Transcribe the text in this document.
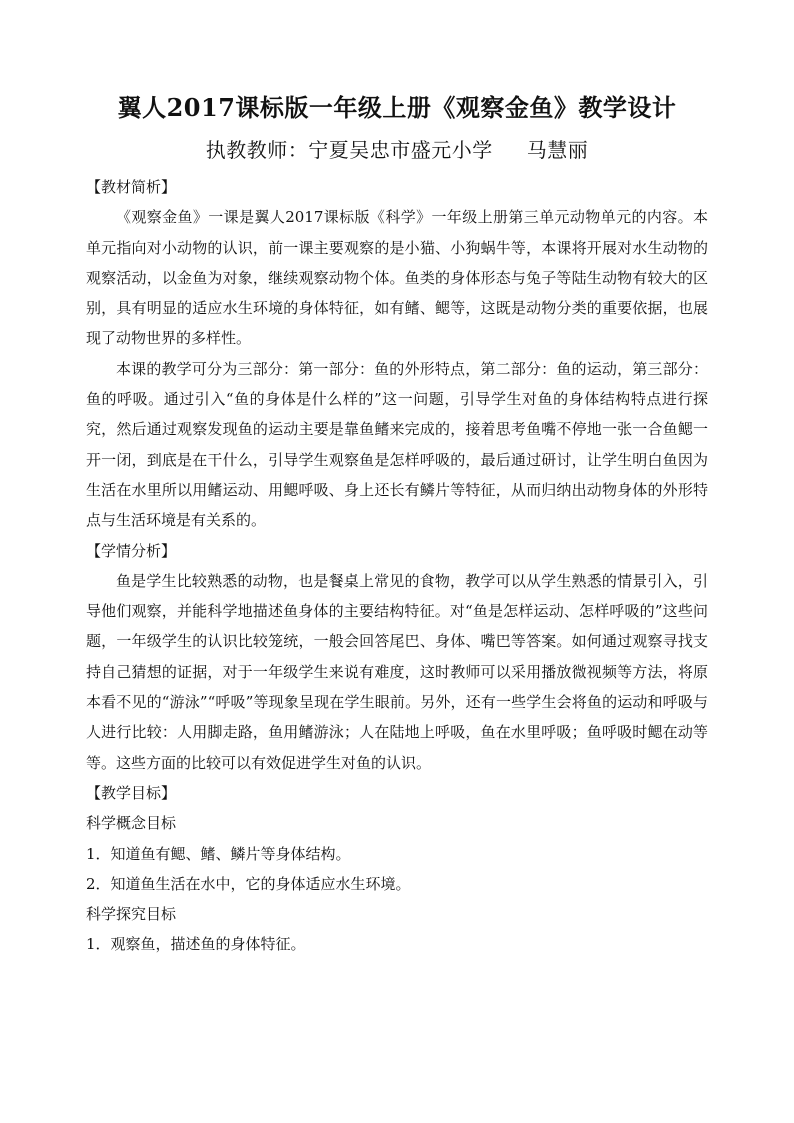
翼人2017课标版一年级上册《观察金鱼》教学设计
执教教师：宁夏吴忠市盛元小学 马慧丽

【教材简析】

《观察金鱼》一课是翼人2017课标版《科学》一年级上册第三单元动物单元的内容。本单元指向对小动物的认识，前一课主要观察的是小猫、小狗蜗牛等，本课将开展对水生动物的观察活动，以金鱼为对象，继续观察动物个体。鱼类的身体形态与兔子等陆生动物有较大的区别，具有明显的适应水生环境的身体特征，如有鳍、鳃等，这既是动物分类的重要依据，也展现了动物世界的多样性。

本课的教学可分为三部分：第一部分：鱼的外形特点，第二部分：鱼的运动，第三部分：鱼的呼吸。通过引入“鱼的身体是什么样的”这一问题，引导学生对鱼的身体结构特点进行探究，然后通过观察发现鱼的运动主要是靠鱼鳍来完成的，接着思考鱼嘴不停地一张一合鱼鳃一开一闭，到底是在干什么，引导学生观察鱼是怎样呼吸的，最后通过研讨，让学生明白鱼因为生活在水里所以用鳍运动、用鳃呼吸、身上还长有鳞片等特征，从而归纳出动物身体的外形特点与生活环境是有关系的。

【学情分析】

鱼是学生比较熟悉的动物，也是餐桌上常见的食物，教学可以从学生熟悉的情景引入，引导他们观察，并能科学地描述鱼身体的主要结构特征。对“鱼是怎样运动、怎样呼吸的”这些问题，一年级学生的认识比较笼统，一般会回答尾巴、身体、嘴巴等答案。如何通过观察寻找支持自己猜想的证据，对于一年级学生来说有难度，这时教师可以采用播放微视频等方法，将原本看不见的“游泳”“呼吸”等现象呈现在学生眼前。另外，还有一些学生会将鱼的运动和呼吸与人进行比较：人用脚走路，鱼用鳍游泳；人在陆地上呼吸，鱼在水里呼吸；鱼呼吸时鳃在动等等。这些方面的比较可以有效促进学生对鱼的认识。

【教学目标】

科学概念目标

1．知道鱼有鳃、鳍、鳞片等身体结构。

2．知道鱼生活在水中，它的身体适应水生环境。

科学探究目标

1．观察鱼，描述鱼的身体特征。
